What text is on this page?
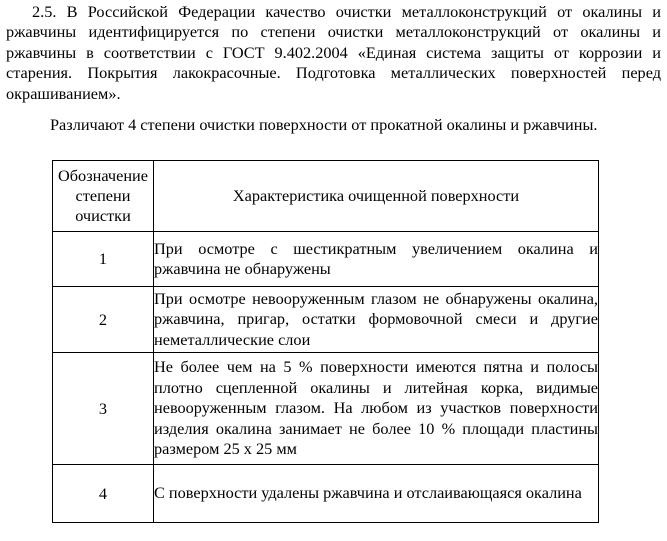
2.5. В Российской Федерации качество очистки металлоконструкций от окалины и ржавчины идентифицируется по степени очистки металлоконструкций от окалины и ржавчины в соответствии с ГОСТ 9.402.2004 «Единая система защиты от коррозии и старения. Покрытия лакокрасочные. Подготовка металлических поверхностей перед окрашиванием».

Различают 4 степени очистки поверхности от прокатной окалины и ржавчины.

Обозначение степени очистки	Характеристика очищенной поверхности
1	При осмотре с шестикратным увеличением окалина и ржавчина не обнаружены
2	При осмотре невооруженным глазом не обнаружены окалина, ржавчина, пригар, остатки формовочной смеси и другие неметаллические слои
3	Не более чем на 5 % поверхности имеются пятна и полосы плотно сцепленной окалины и литейная корка, видимые невооруженным глазом. На любом из участков поверхности изделия окалина занимает не более 10 % площади пластины размером 25 х 25 мм
4	С поверхности удалены ржавчина и отслаивающаяся окалина
